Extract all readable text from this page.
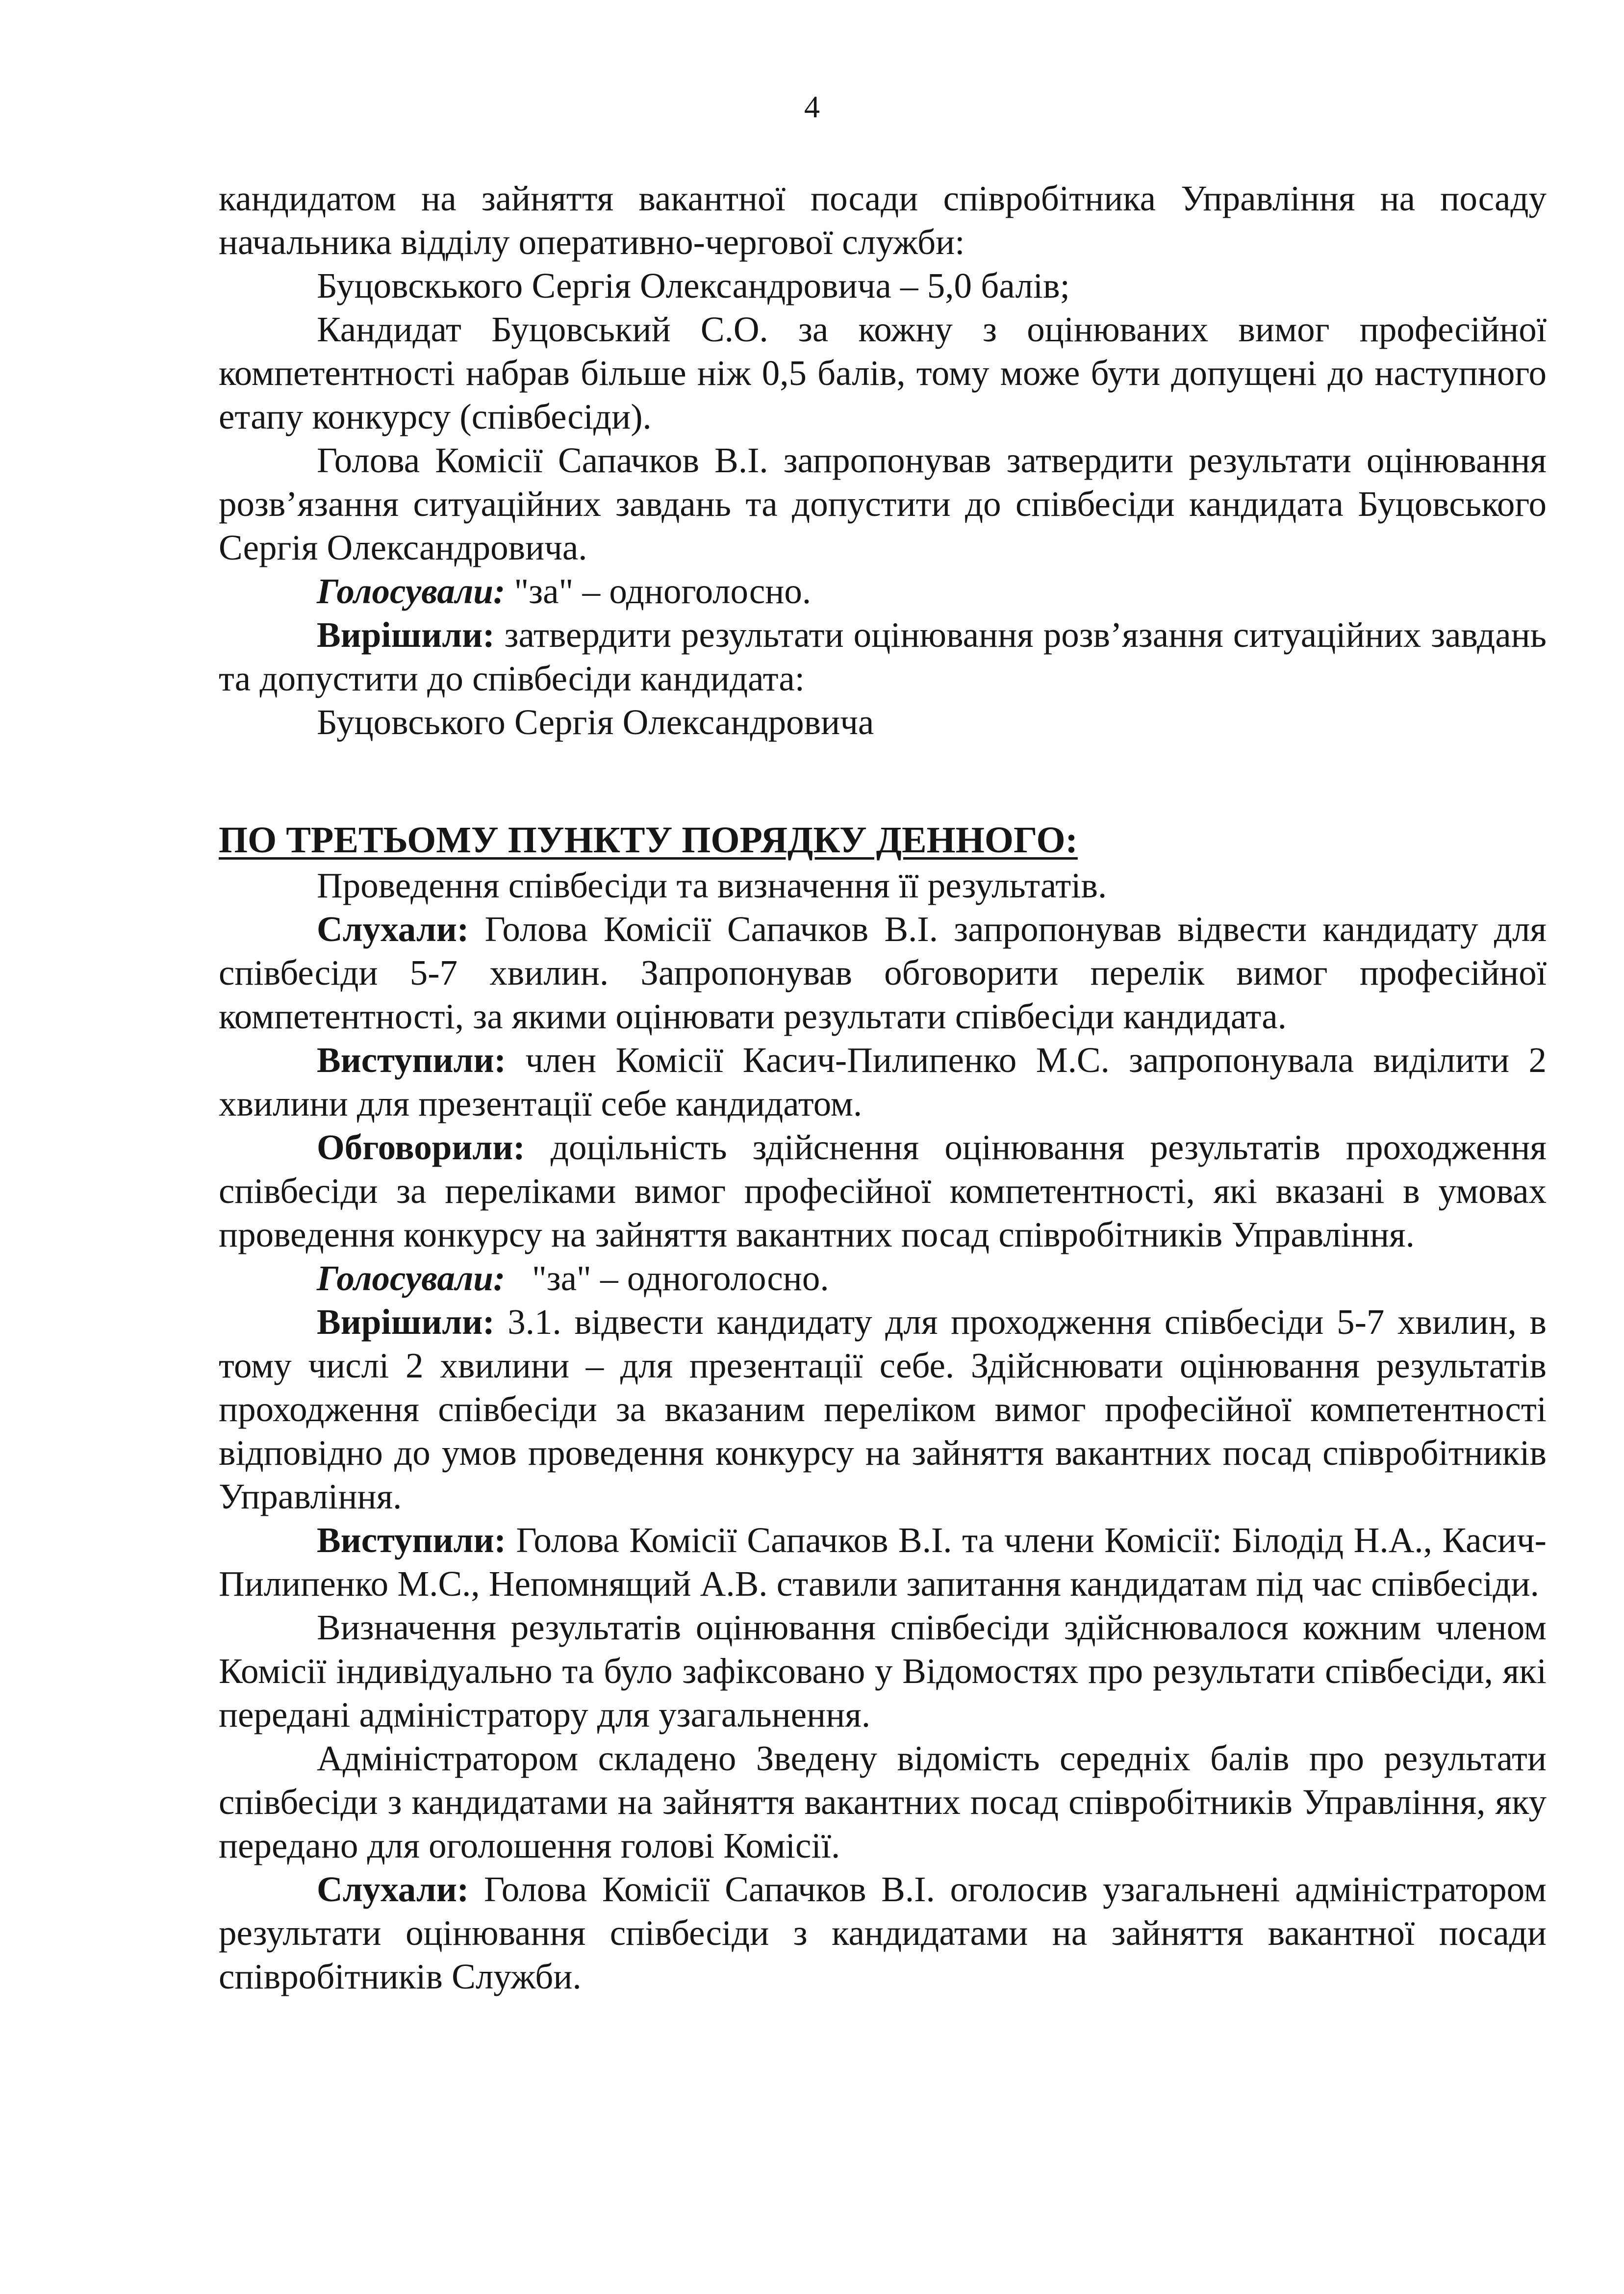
4

кандидатом на зайняття вакантної посади співробітника Управління на посаду начальника відділу оперативно-чергової служби:

Буцовскького Сергія Олександровича – 5,0 балів;

Кандидат Буцовський С.О. за кожну з оцінюваних вимог професійної компетентності набрав більше ніж 0,5 балів, тому може бути допущені до наступного етапу конкурсу (співбесіди).

Голова Комісії Сапачков В.І. запропонував затвердити результати оцінювання розв’язання ситуаційних завдань та допустити до співбесіди кандидата Буцовського Сергія Олександровича.

Голосували: "за" – одноголосно.

Вирішили: затвердити результати оцінювання розв’язання ситуаційних завдань та допустити до співбесіди кандидата:

Буцовського Сергія Олександровича

ПО ТРЕТЬОМУ ПУНКТУ ПОРЯДКУ ДЕННОГО:

Проведення співбесіди та визначення її результатів.

Слухали: Голова Комісії Сапачков В.І. запропонував відвести кандидату для співбесіди 5-7 хвилин. Запропонував обговорити перелік вимог професійної компетентності, за якими оцінювати результати співбесіди кандидата.

Виступили: член Комісії Касич-Пилипенко М.С. запропонувала виділити 2 хвилини для презентації себе кандидатом.

Обговорили: доцільність здійснення оцінювання результатів проходження співбесіди за переліками вимог професійної компетентності, які вказані в умовах проведення конкурсу на зайняття вакантних посад співробітників Управління.

Голосували:   "за" – одноголосно.

Вирішили: 3.1. відвести кандидату для проходження співбесіди 5-7 хвилин, в тому числі 2 хвилини – для презентації себе. Здійснювати оцінювання результатів проходження співбесіди за вказаним переліком вимог професійної компетентності відповідно до умов проведення конкурсу на зайняття вакантних посад співробітників Управління.

Виступили: Голова Комісії Сапачков В.І. та члени Комісії: Білодід Н.А., Касич-Пилипенко М.С., Непомнящий А.В. ставили запитання кандидатам під час співбесіди.

Визначення результатів оцінювання співбесіди здійснювалося кожним членом Комісії індивідуально та було зафіксовано у Відомостях про результати співбесіди, які передані адміністратору для узагальнення.

Адміністратором складено Зведену відомість середніх балів про результати співбесіди з кандидатами на зайняття вакантних посад співробітників Управління, яку передано для оголошення голові Комісії.

Слухали: Голова Комісії Сапачков В.І. оголосив узагальнені адміністратором результати оцінювання співбесіди з кандидатами на зайняття вакантної посади співробітників Служби.
